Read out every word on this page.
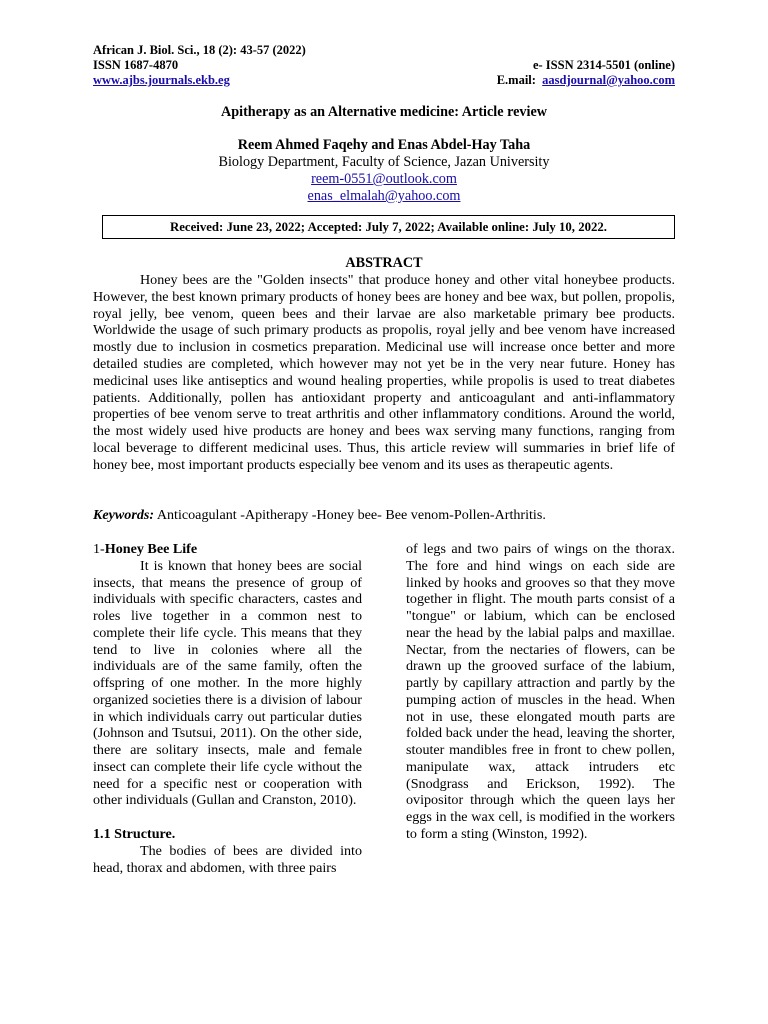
African J. Biol. Sci., 18 (2): 43-57 (2022)
ISSN 1687-4870	e- ISSN 2314-5501 (online)
www.ajbs.journals.ekb.eg	E.mail: aasdjournal@yahoo.com
Apitherapy as an Alternative medicine: Article review
Reem Ahmed Faqehy and Enas Abdel-Hay Taha
Biology Department, Faculty of Science, Jazan University
reem-0551@outlook.com
enas_elmalah@yahoo.com
Received: June 23, 2022; Accepted: July 7, 2022; Available online: July 10, 2022.
ABSTRACT

Honey bees are the "Golden insects" that produce honey and other vital honeybee products. However, the best known primary products of honey bees are honey and bee wax, but pollen, propolis, royal jelly, bee venom, queen bees and their larvae are also marketable primary bee products. Worldwide the usage of such primary products as propolis, royal jelly and bee venom have increased mostly due to inclusion in cosmetics preparation. Medicinal use will increase once better and more detailed studies are completed, which however may not yet be in the very near future. Honey has medicinal uses like antiseptics and wound healing properties, while propolis is used to treat diabetes patients. Additionally, pollen has antioxidant property and anticoagulant and anti-inflammatory properties of bee venom serve to treat arthritis and other inflammatory conditions. Around the world, the most widely used hive products are honey and bees wax serving many functions, ranging from local beverage to different medicinal uses. Thus, this article review will summaries in brief life of honey bee, most important products especially bee venom and its uses as therapeutic agents.

Keywords: Anticoagulant -Apitherapy -Honey bee- Bee venom-Pollen-Arthritis.

1-Honey Bee Life

It is known that honey bees are social insects, that means the presence of group of individuals with specific characters, castes and roles live together in a common nest to complete their life cycle. This means that they tend to live in colonies where all the individuals are of the same family, often the offspring of one mother. In the more highly organized societies there is a division of labour in which individuals carry out particular duties (Johnson and Tsutsui, 2011). On the other side, there are solitary insects, male and female insect can complete their life cycle without the need for a specific nest or cooperation with other individuals (Gullan and Cranston, 2010).

1.1 Structure.

The bodies of bees are divided into head, thorax and abdomen, with three pairs

of legs and two pairs of wings on the thorax. The fore and hind wings on each side are linked by hooks and grooves so that they move together in flight. The mouth parts consist of a "tongue" or labium, which can be enclosed near the head by the labial palps and maxillae. Nectar, from the nectaries of flowers, can be drawn up the grooved surface of the labium, partly by capillary attraction and partly by the pumping action of muscles in the head. When not in use, these elongated mouth parts are folded back under the head, leaving the shorter, stouter mandibles free in front to chew pollen, manipulate wax, attack intruders etc (Snodgrass and Erickson, 1992). The ovipositor through which the queen lays her eggs in the wax cell, is modified in the workers to form a sting (Winston, 1992).
